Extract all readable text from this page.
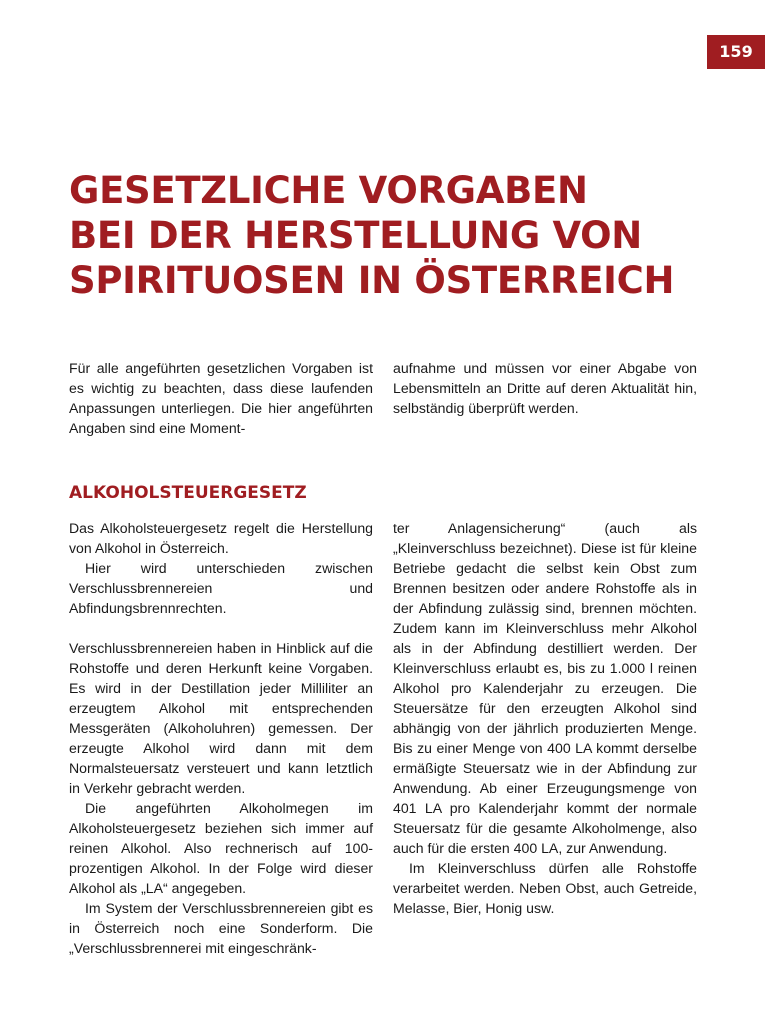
159
GESETZLICHE VORGABEN
BEI DER HERSTELLUNG VON
SPIRITUOSEN IN ÖSTERREICH

Für alle angeführten gesetzlichen Vorgaben ist es wichtig zu beachten, dass diese laufenden Anpassungen unterliegen. Die hier angeführten Angaben sind eine Moment-

aufnahme und müssen vor einer Abgabe von Lebensmitteln an Dritte auf deren Aktualität hin, selbständig überprüft werden.

ALKOHOLSTEUERGESETZ

Das Alkoholsteuergesetz regelt die Herstellung von Alkohol in Österreich.

Hier wird unterschieden zwischen Verschlussbrennereien und Abfindungsbrennrechten.

Verschlussbrennereien haben in Hinblick auf die Rohstoffe und deren Herkunft keine Vorgaben. Es wird in der Destillation jeder Milliliter an erzeugtem Alkohol mit entsprechenden Messgeräten (Alkoholuhren) gemessen. Der erzeugte Alkohol wird dann mit dem Normalsteuersatz versteuert und kann letztlich in Verkehr gebracht werden.

Die angeführten Alkoholmegen im Alkoholsteuergesetz beziehen sich immer auf reinen Alkohol. Also rechnerisch auf 100-prozentigen Alkohol. In der Folge wird dieser Alkohol als „LA“ angegeben.

Im System der Verschlussbrennereien gibt es in Österreich noch eine Sonderform. Die „Verschlussbrennerei mit eingeschränk-

ter Anlagensicherung“ (auch als „Kleinverschluss bezeichnet). Diese ist für kleine Betriebe gedacht die selbst kein Obst zum Brennen besitzen oder andere Rohstoffe als in der Abfindung zulässig sind, brennen möchten. Zudem kann im Kleinverschluss mehr Alkohol als in der Abfindung destilliert werden. Der Kleinverschluss erlaubt es, bis zu 1.000 l reinen Alkohol pro Kalenderjahr zu erzeugen. Die Steuersätze für den erzeugten Alkohol sind abhängig von der jährlich produzierten Menge. Bis zu einer Menge von 400 LA kommt derselbe ermäßigte Steuersatz wie in der Abfindung zur Anwendung. Ab einer Erzeugungsmenge von 401 LA pro Kalenderjahr kommt der normale Steuersatz für die gesamte Alkoholmenge, also auch für die ersten 400 LA, zur Anwendung.

Im Kleinverschluss dürfen alle Rohstoffe verarbeitet werden. Neben Obst, auch Getreide, Melasse, Bier, Honig usw.
